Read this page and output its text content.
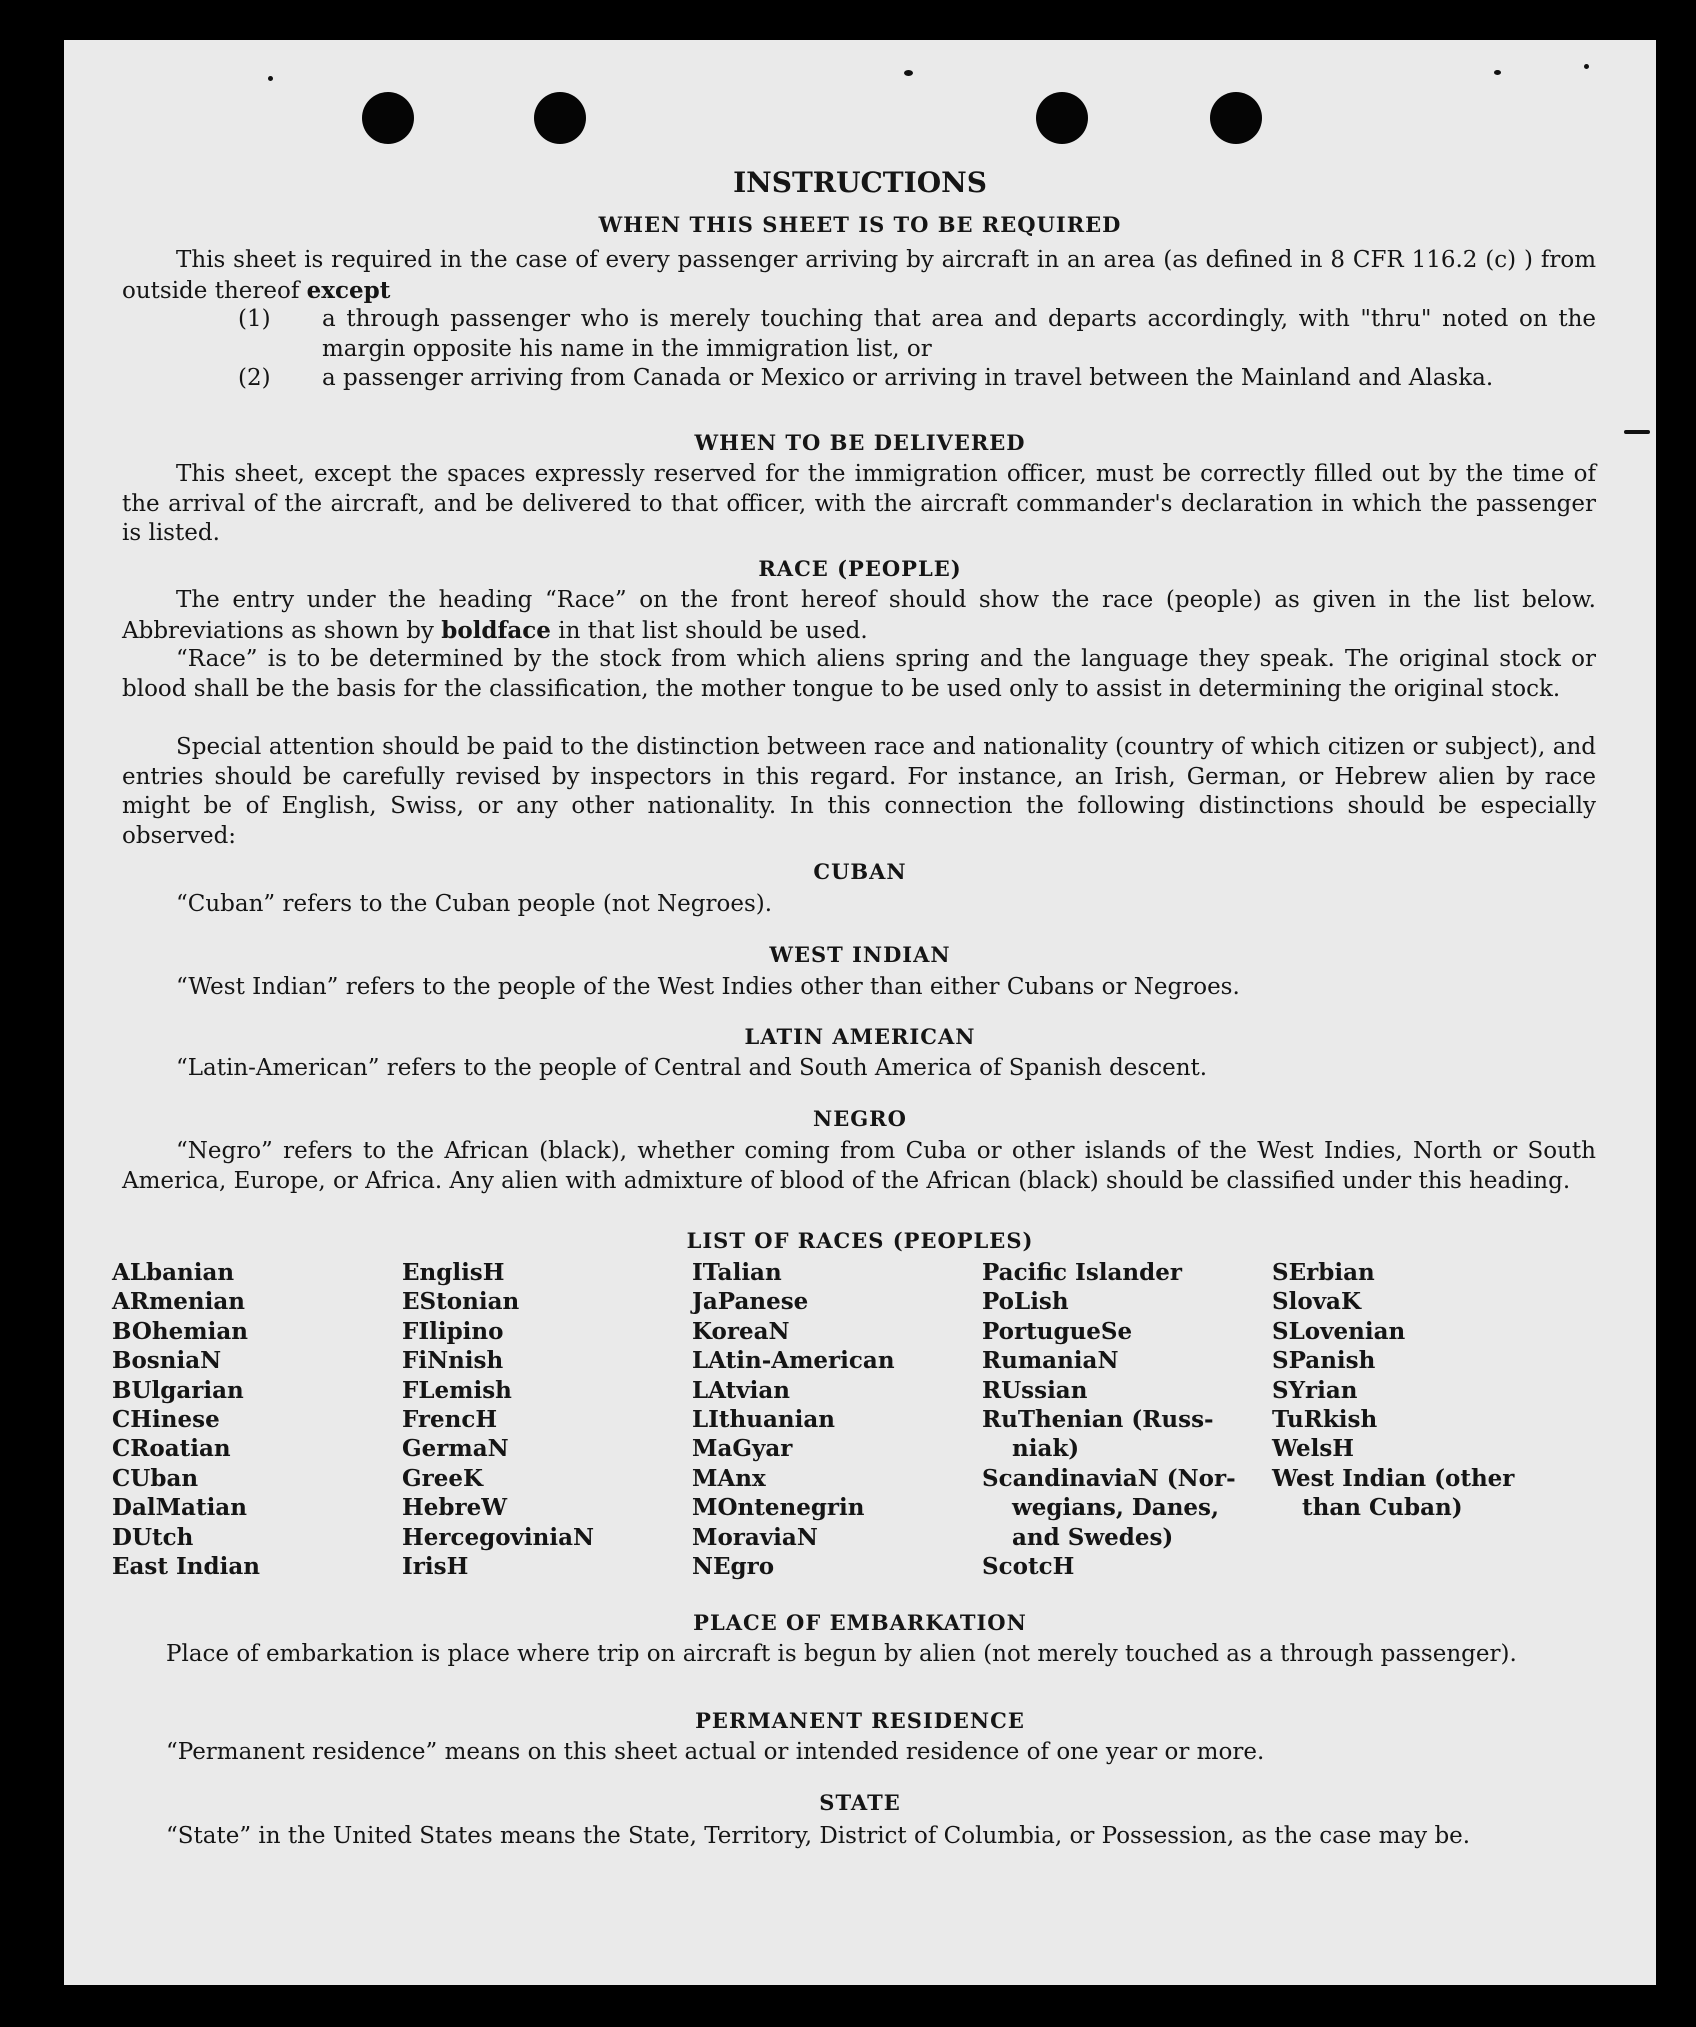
INSTRUCTIONS
WHEN THIS SHEET IS TO BE REQUIRED

This sheet is required in the case of every passenger arriving by aircraft in an area (as defined in 8 CFR 116.2 (c) ) from outside thereof except

(1) a through passenger who is merely touching that area and departs accordingly, with "thru" noted on the margin opposite his name in the immigration list, or
(2) a passenger arriving from Canada or Mexico or arriving in travel between the Mainland and Alaska.
WHEN TO BE DELIVERED

This sheet, except the spaces expressly reserved for the immigration officer, must be correctly filled out by the time of the arrival of the aircraft, and be delivered to that officer, with the aircraft commander's declaration in which the passenger is listed.

RACE (PEOPLE)

The entry under the heading “Race” on the front hereof should show the race (people) as given in the list below. Abbreviations as shown by boldface in that list should be used.

“Race” is to be determined by the stock from which aliens spring and the language they speak. The original stock or blood shall be the basis for the classification, the mother tongue to be used only to assist in determining the original stock.

Special attention should be paid to the distinction between race and nationality (country of which citizen or subject), and entries should be carefully revised by inspectors in this regard. For instance, an Irish, German, or Hebrew alien by race might be of English, Swiss, or any other nationality. In this connection the following distinctions should be especially observed:

CUBAN

“Cuban” refers to the Cuban people (not Negroes).

WEST INDIAN

“West Indian” refers to the people of the West Indies other than either Cubans or Negroes.

LATIN AMERICAN

“Latin-American” refers to the people of Central and South America of Spanish descent.

NEGRO

“Negro” refers to the African (black), whether coming from Cuba or other islands of the West Indies, North or South America, Europe, or Africa. Any alien with admixture of blood of the African (black) should be classified under this heading.

LIST OF RACES (PEOPLES)
ALbanian
ARmenian
BOhemian
BosniaN
BUlgarian
CHinese
CRoatian
CUban
DalMatian
DUtch
East Indian
EnglisH
EStonian
FIlipino
FiNnish
FLemish
FrencH
GermaN
GreeK
HebreW
HercegoviniaN
IrisH
ITalian
JaPanese
KoreaN
LAtin-American
LAtvian
LIthuanian
MaGyar
MAnx
MOntenegrin
MoraviaN
NEgro
Pacific Islander
PoLish
PortugueSe
RumaniaN
RUssian
RuThenian (Russ-
niak)
ScandinaviaN (Nor-
wegians, Danes,
and Swedes)
ScotcH
SErbian
SlovaK
SLovenian
SPanish
SYrian
TuRkish
WelsH
West Indian (other
than Cuban)
PLACE OF EMBARKATION

Place of embarkation is place where trip on aircraft is begun by alien (not merely touched as a through passenger).

PERMANENT RESIDENCE

“Permanent residence” means on this sheet actual or intended residence of one year or more.

STATE

“State” in the United States means the State, Territory, District of Columbia, or Possession, as the case may be.
